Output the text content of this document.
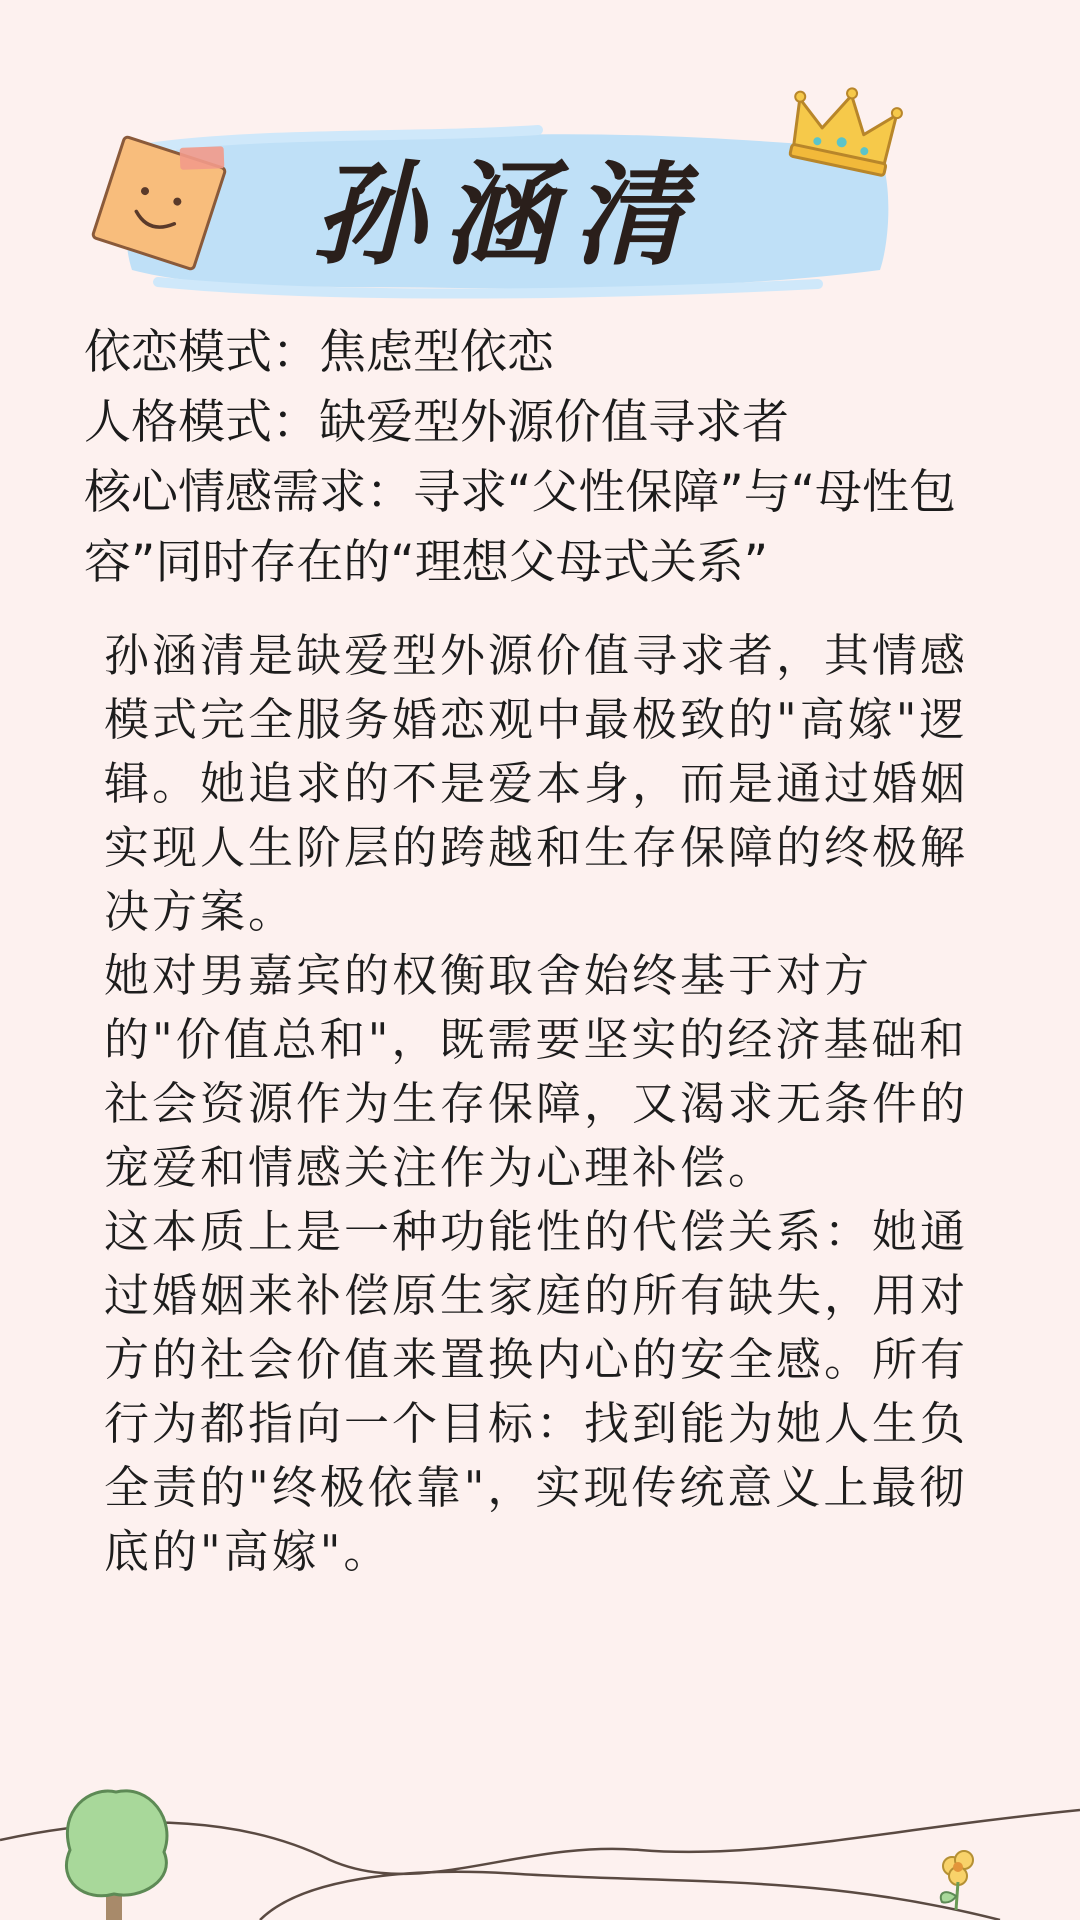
孙涵清
依恋模式：焦虑型依恋
人格模式：缺爱型外源价值寻求者
核心情感需求：寻求“父性保障”与“母性包容”同时存在的“理想父母式关系”

孙涵清是缺爱型外源价值寻求者，其情感模式完全服务婚恋观中最极致的"高嫁"逻辑。她追求的不是爱本身，而是通过婚姻实现人生阶层的跨越和生存保障的终极解决方案。

她对男嘉宾的权衡取舍始终基于对方的"价值总和"，既需要坚实的经济基础和社会资源作为生存保障，又渴求无条件的宠爱和情感关注作为心理补偿。

这本质上是一种功能性的代偿关系：她通过婚姻来补偿原生家庭的所有缺失，用对方的社会价值来置换内心的安全感。所有行为都指向一个目标：找到能为她人生负全责的"终极依靠"，实现传统意义上最彻底的"高嫁"。
